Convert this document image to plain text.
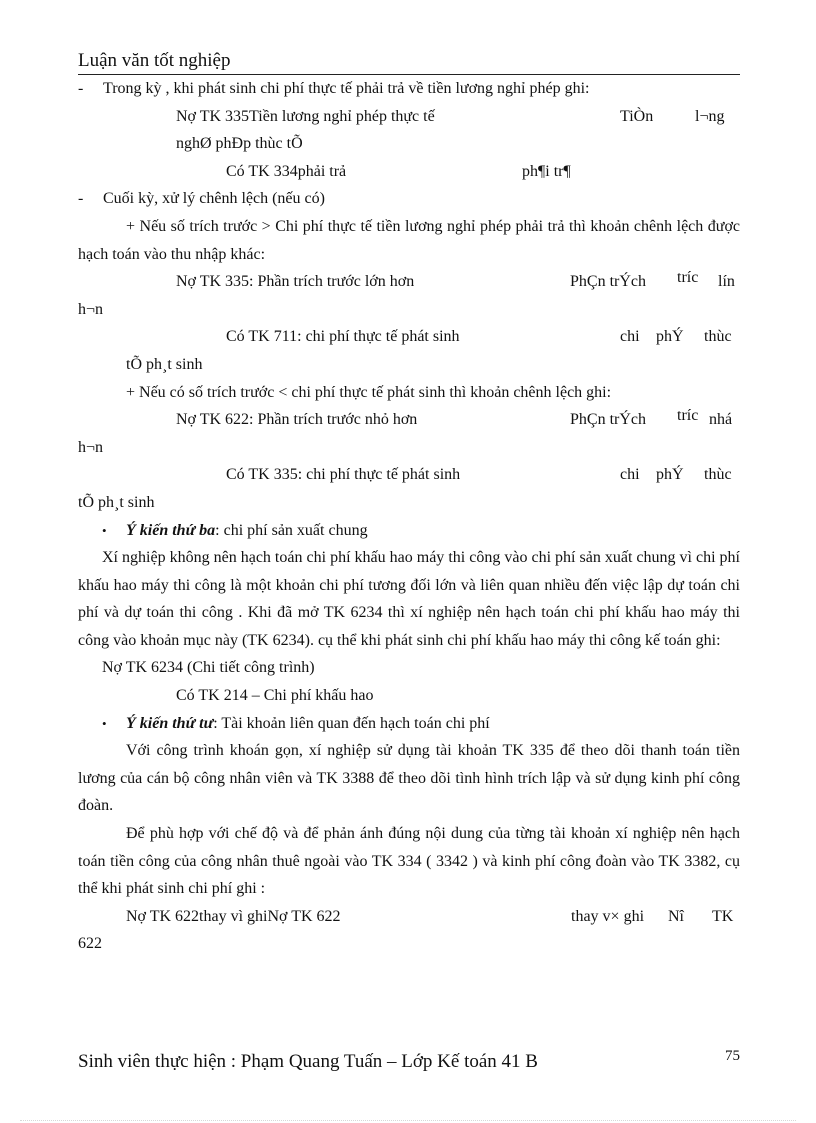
Luận văn tốt nghiệp
- Trong kỳ , khi phát sinh chi phí thực tế phải trả về tiền lương nghỉ phép ghi:
Nợ TK 335Tiền lương nghỉ phép thực tế	TiÒn	l¬ng
nghØ phÐp thùc tÕ
Có TK 334phải trả	ph¶i tr¶
- Cuối kỳ, xử lý chênh lệch (nếu có)
+ Nếu số trích trước > Chi phí thực tế tiền lương nghỉ phép phải trả thì khoản chênh lệch được hạch toán vào thu nhập khác:
Nợ TK 335: Phần trích trước lớn hơn	PhÇn trÝch tríc lín
h¬n
Có TK 711: chi phí thực tế phát sinh	chi phÝ thùc
tÕ ph¸t sinh
+ Nếu có số trích trước < chi phí thực tế phát sinh thì khoản chênh lệch ghi:
Nợ TK 622: Phần trích trước nhỏ hơn	PhÇn trÝch tríc nhá
h¬n
Có TK 335: chi phí thực tế phát sinh	chi phÝ thùc
tÕ ph¸t sinh
• Ý kiến thứ ba: chi phí sản xuất chung
Xí nghiệp không nên hạch toán chi phí khấu hao máy thi công vào chi phí sản xuất chung vì chi phí khấu hao máy thi công là một khoản chi phí tương đối lớn và liên quan nhiều đến việc lập dự toán chi phí và dự toán thi công . Khi đã mở TK 6234 thì xí nghiệp nên hạch toán chi phí khấu hao máy thi công vào khoản mục này (TK 6234). cụ thể khi phát sinh chi phí khấu hao máy thi công kế toán ghi:
Nợ TK 6234 (Chi tiết công trình)
Có TK 214 – Chi phí khấu hao
• Ý kiến thứ tư: Tài khoản liên quan đến hạch toán chi phí
Với công trình khoán gọn, xí nghiệp sử dụng tài khoản TK 335 để theo dõi thanh toán tiền lương của cán bộ công nhân viên và TK 3388 để theo dõi tình hình trích lập và sử dụng kinh phí công đoàn.
Để phù hợp với chế độ và để phản ánh đúng nội dung của từng tài khoản xí nghiệp nên hạch toán tiền công của công nhân thuê ngoài vào TK 334 ( 3342 ) và kinh phí công đoàn vào TK 3382, cụ thể khi phát sinh chi phí ghi :
Nợ TK 622thay vì ghiNợ TK 622	thay v× ghi Nî TK
622
Sinh viên thực hiện : Phạm Quang Tuấn – Lớp Kế toán 41 B	75
